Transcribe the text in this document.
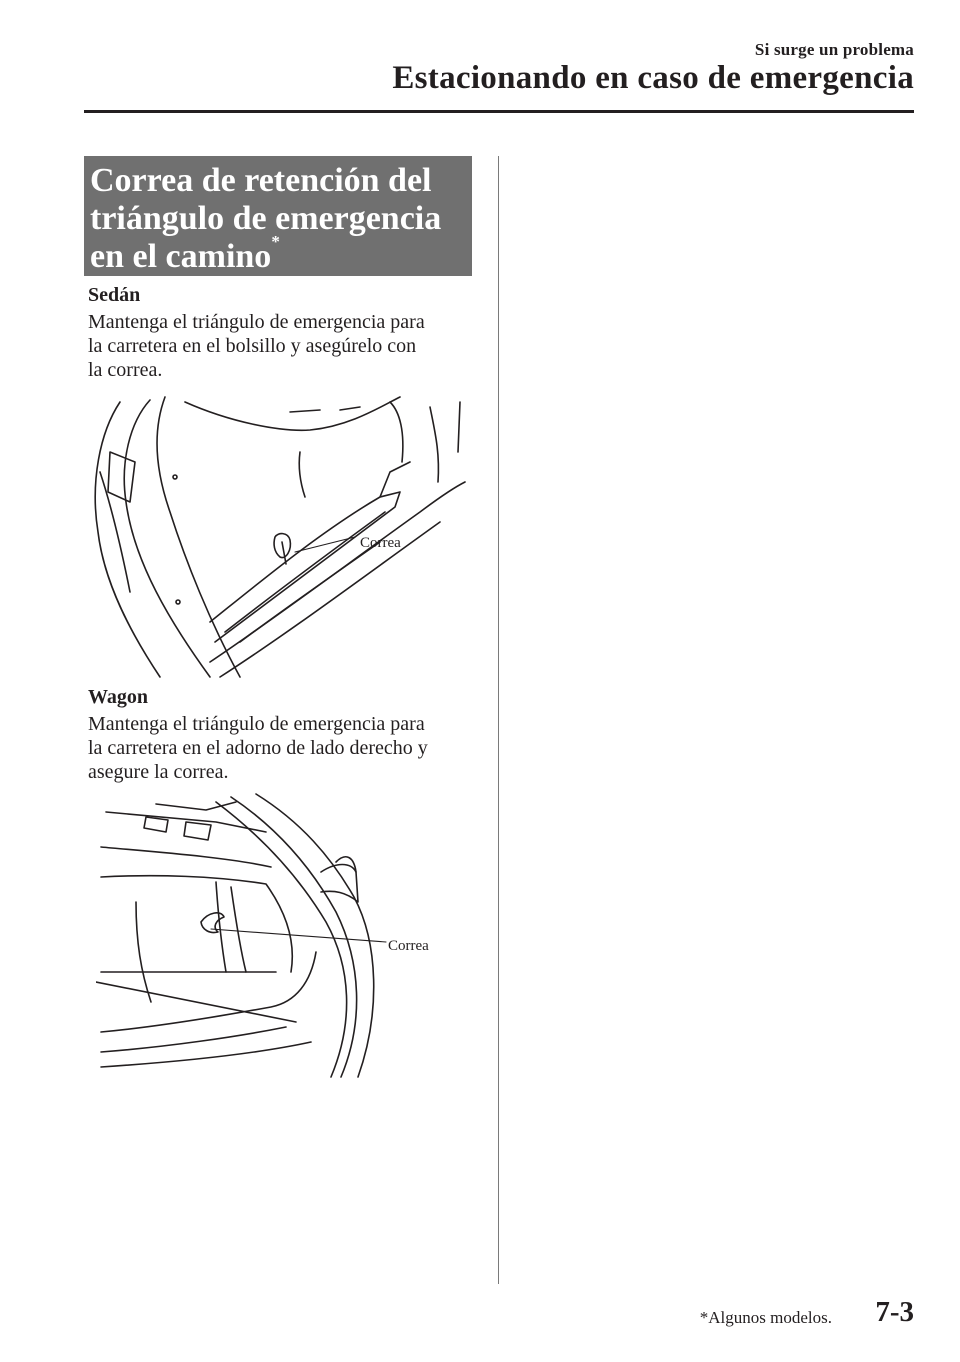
Si surge un problema
Estacionando en caso de emergencia
Correa de retención del
triángulo de emergencia
en el camino*
Sedán

Mantenga el triángulo de emergencia para
la carretera en el bolsillo y asegúrelo con
la correa.

Correa
Wagon

Mantenga el triángulo de emergencia para
la carretera en el adorno de lado derecho y
asegure la correa.

Correa
*Algunos modelos. 7-3
